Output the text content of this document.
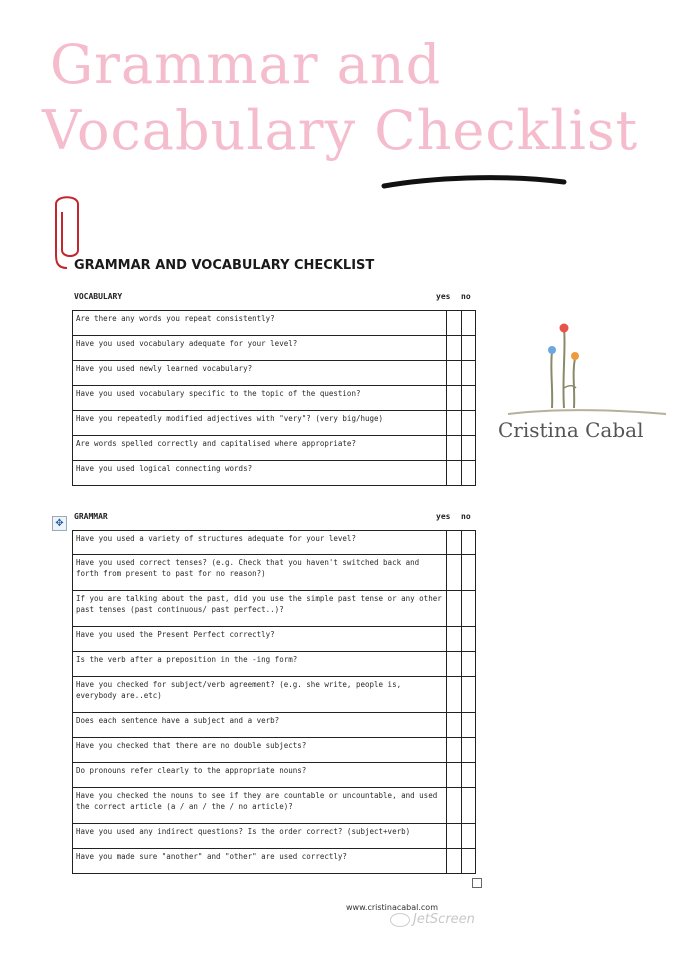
Grammar and
Vocabulary Checklist
GRAMMAR AND VOCABULARY CHECKLIST
VOCABULARY	yes no
Are there any words you repeat consistently?		
Have you used vocabulary adequate for your level?		
Have you used newly learned vocabulary?		
Have you used vocabulary specific to the topic of the question?		
Have you repeatedly modified adjectives with "very"? (very big/huge)		
Are words spelled correctly and capitalised where appropriate?		
Have you used logical connecting words?		
✥
GRAMMAR	yes no
Have you used a variety of structures adequate for your level?		
Have you used correct tenses? (e.g. Check that you haven't switched back and forth from present to past for no reason?)		
If you are talking about the past, did you use the simple past tense or any other past tenses (past continuous/ past perfect..)?		
Have you used the Present Perfect correctly?		
Is the verb after a preposition in the -ing form?		
Have you checked for subject/verb agreement? (e.g. she write, people is, everybody are..etc)		
Does each sentence have a subject and a verb?		
Have you checked that there are no double subjects?		
Do pronouns refer clearly to the appropriate nouns?		
Have you checked the nouns to see if they are countable or uncountable, and used the correct article (a / an / the / no article)?		
Have you used any indirect questions? Is the order correct? (subject+verb)		
Have you made sure "another" and "other" are used correctly?		
Cristina Cabal
www.cristinacabal.com
JetScreen
